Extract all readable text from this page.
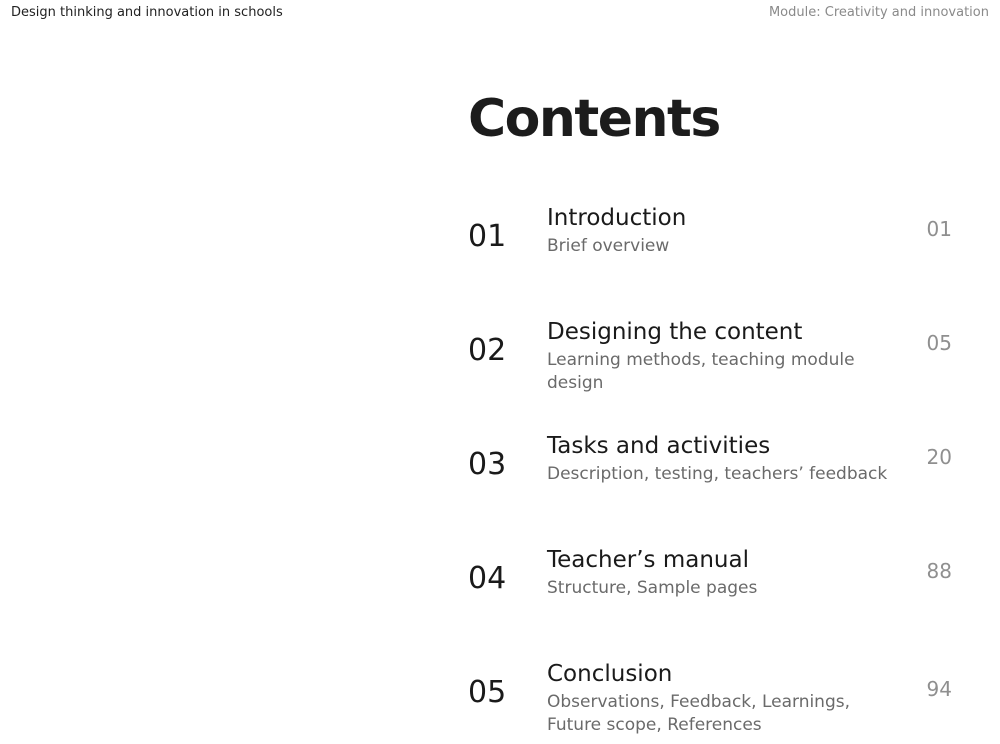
Design thinking and innovation in schools	Module: Creativity and innovation
Contents
01
Introduction
Brief overview
01
02
Designing the content
Learning methods, teaching module design
05
03
Tasks and activities
Description, testing, teachers’ feedback
20
04
Teacher’s manual
Structure, Sample pages
88
05
Conclusion
Observations, Feedback, Learnings, Future scope, References
94
